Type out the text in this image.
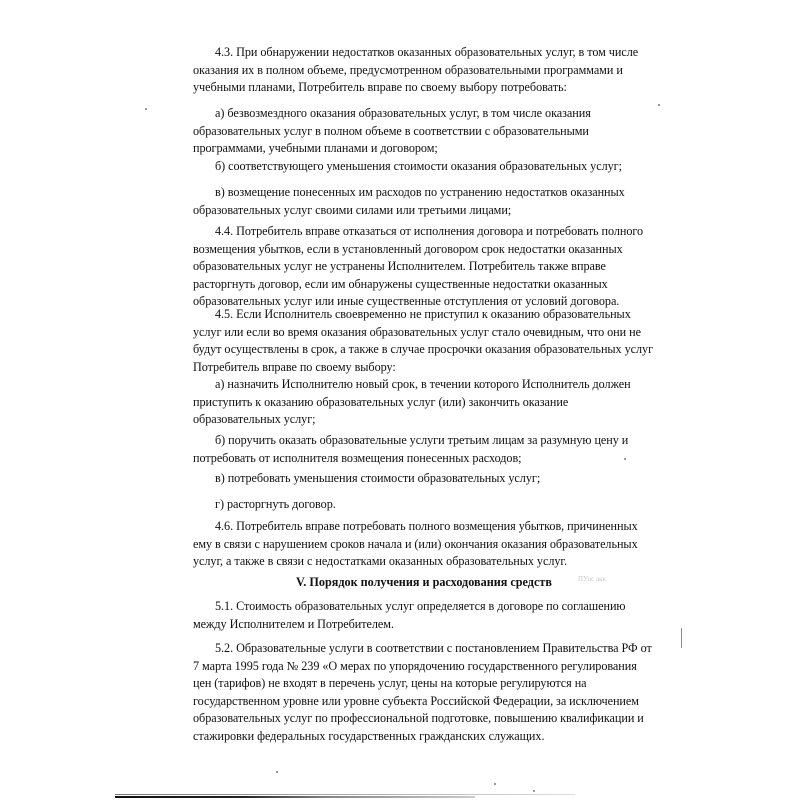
4.3. При обнаружении недостатков оказанных образовательных услуг, в том числе оказания их в полном объеме, предусмотренном образовательными программами и учебными планами, Потребитель вправе по своему выбору потребовать:

а) безвозмездного оказания образовательных услуг, в том числе оказания образовательных услуг в полном объеме в соответствии с образовательными программами, учебными планами и договором;

б) соответствующего уменьшения стоимости оказания образовательных услуг;

в) возмещение понесенных им расходов по устранению недостатков оказанных образовательных услуг своими силами или третьими лицами;

4.4. Потребитель вправе отказаться от исполнения договора и потребовать полного возмещения убытков, если в установленный договором срок недостатки оказанных образовательных услуг не устранены Исполнителем. Потребитель также вправе расторгнуть договор, если им обнаружены существенные недостатки оказанных образовательных услуг или иные существенные отступления от условий договора.

4.5. Если Исполнитель своевременно не приступил к оказанию образовательных услуг или если во время оказания образовательных услуг стало очевидным, что они не будут осуществлены в срок, а также в случае просрочки оказания образовательных услуг Потребитель вправе по своему выбору:

а) назначить Исполнителю новый срок, в течении которого Исполнитель должен приступить к оказанию образовательных услуг (или) закончить оказание образовательных услуг;

б) поручить оказать образовательные услуги третьим лицам за разумную цену и потребовать от исполнителя возмещения понесенных расходов;

в) потребовать уменьшения стоимости образовательных услуг;

г) расторгнуть договор.

4.6. Потребитель вправе потребовать полного возмещения убытков, причиненных ему в связи с нарушением сроков начала и (или) окончания оказания образовательных услуг, а также в связи с недостатками оказанных образовательных услуг.

V. Порядок получения и расходования средств

5.1. Стоимость образовательных услуг определяется в договоре по соглашению между Исполнителем и Потребителем.

5.2. Образовательные услуги в соответствии с постановлением Правительства РФ от 7 марта 1995 года № 239 «О мерах по упорядочению государственного регулирования цен (тарифов) не входят в перечень услуг, цены на которые регулируются на государственном уровне или уровне субъекта Российской Федерации, за исключением образовательных услуг по профессиональной подготовке, повышению квалификации и стажировки федеральных государственных гражданских служащих.

ПУнс акк
